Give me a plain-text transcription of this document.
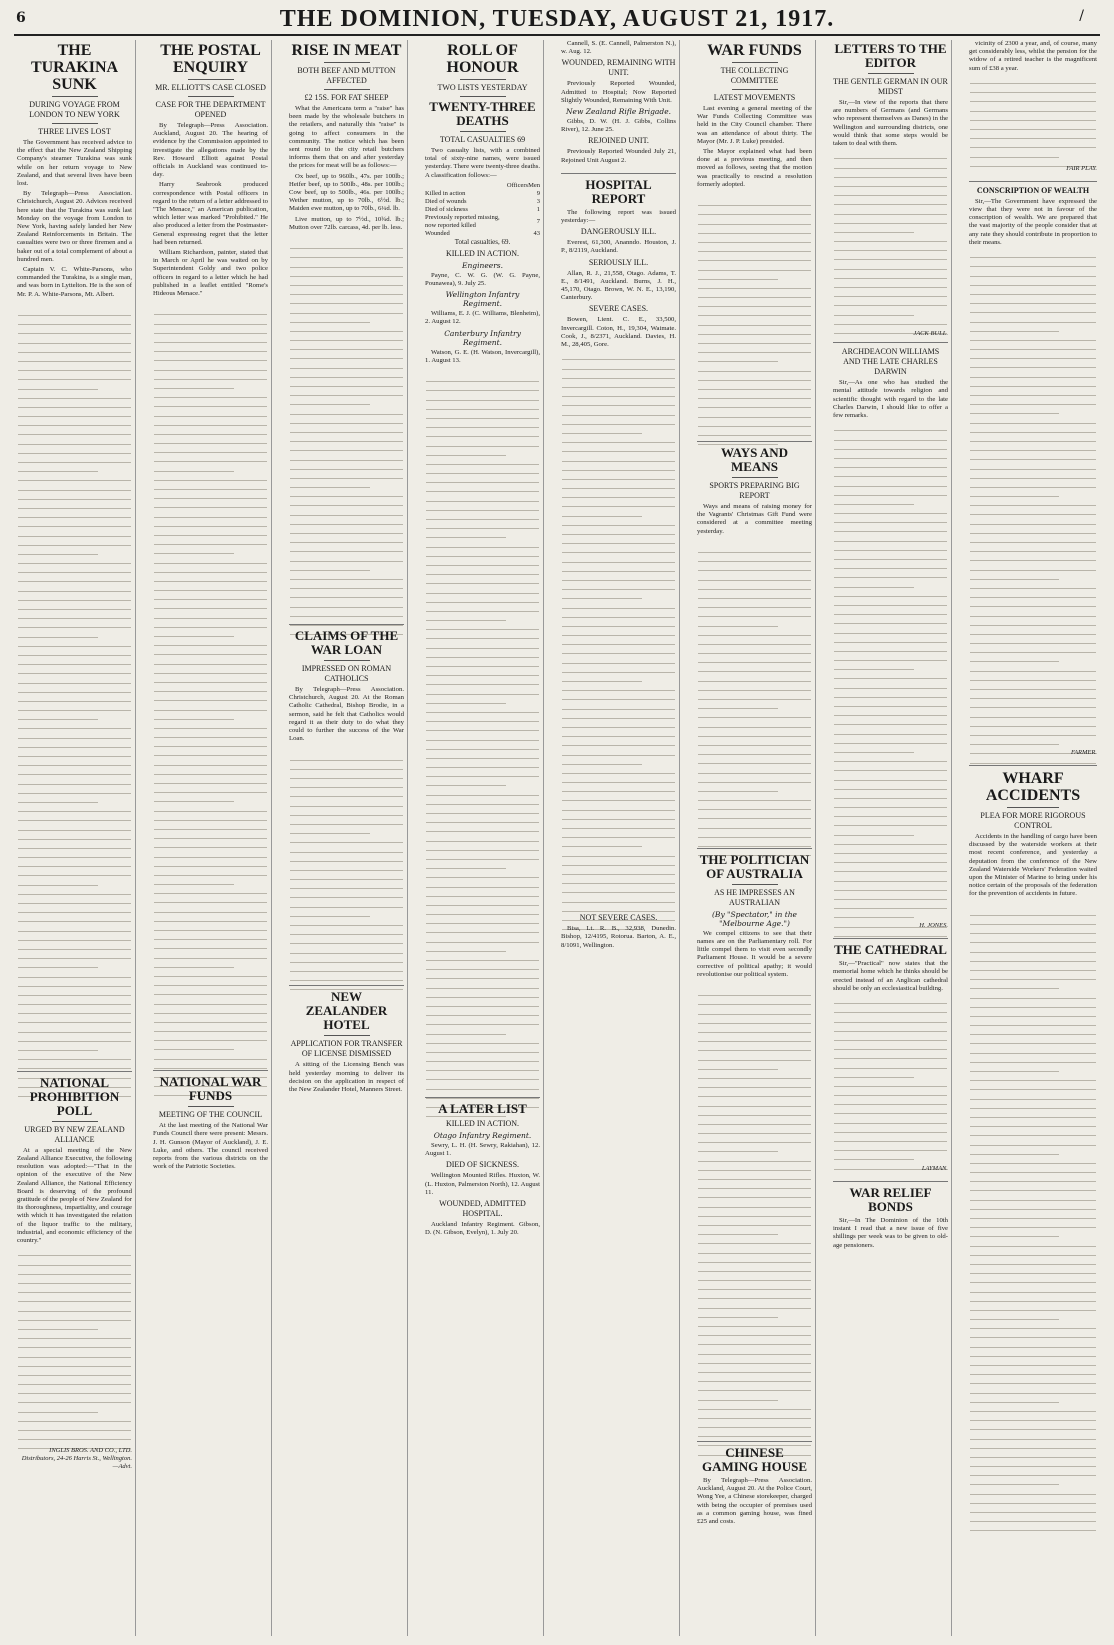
6	THE DOMINION, TUESDAY, AUGUST 21, 1917.	/
THE TURAKINA SUNK
DURING VOYAGE FROM LONDON TO NEW YORK
THREE LIVES LOST

The Government has received advice to the effect that the New Zealand Shipping Company's steamer Turakina was sunk while on her return voyage to New Zealand, and that several lives have been lost.

By Telegraph—Press Association. Christchurch, August 20. Advices received here state that the Turakina was sunk last Monday on the voyage from London to New York, having safely landed her New Zealand Reinforcements in Britain. The casualties were two or three firemen and a baker out of a total complement of about a hundred men.

Captain V. C. White-Parsons, who commanded the Turakina, is a single man, and was born in Lyttelton. He is the son of Mr. P. A. White-Parsons, Mt. Albert.

NATIONAL PROHIBITION POLL
URGED BY NEW ZEALAND ALLIANCE

At a special meeting of the New Zealand Alliance Executive, the following resolution was adopted:—"That in the opinion of the executive of the New Zealand Alliance, the National Efficiency Board is deserving of the profound gratitude of the people of New Zealand for its thoroughness, impartiality, and courage with which it has investigated the relation of the liquor traffic to the military, industrial, and economic efficiency of the country."

INGLIS BROS. AND CO., LTD. Distributors, 24-26 Harris St., Wellington.—Advt.
THE POSTAL ENQUIRY
MR. ELLIOTT'S CASE CLOSED
CASE FOR THE DEPARTMENT OPENED

By Telegraph—Press Association. Auckland, August 20. The hearing of evidence by the Commission appointed to investigate the allegations made by the Rev. Howard Elliott against Postal officials in Auckland was continued to-day.

Harry Seabrook produced correspondence with Postal officers in regard to the return of a letter addressed to "The Menace," an American publication, which letter was marked "Prohibited." He also produced a letter from the Postmaster-General expressing regret that the letter had been returned.

William Richardson, painter, stated that in March or April he was waited on by Superintendent Goldy and two police officers in regard to a letter which he had published in a leaflet entitled "Rome's Hideous Menace."

NATIONAL WAR FUNDS
MEETING OF THE COUNCIL

At the last meeting of the National War Funds Council there were present: Messrs. J. H. Gunson (Mayor of Auckland), J. E. Luke, and others. The council received reports from the various districts on the work of the Patriotic Societies.

RISE IN MEAT
BOTH BEEF AND MUTTON AFFECTED
£2 15S. FOR FAT SHEEP

What the Americans term a "raise" has been made by the wholesale butchers in the retailers, and naturally this "raise" is going to affect consumers in the community. The notice which has been sent round to the city retail butchers informs them that on and after yesterday the prices for meat will be as follows:—

Ox beef, up to 960lb., 47s. per 100lb.; Heifer beef, up to 500lb., 48s. per 100lb.; Cow beef, up to 500lb., 46s. per 100lb.; Wether mutton, up to 70lb., 6½d. lb.; Maiden ewe mutton, up to 70lb., 6¼d. lb.

Live mutton, up to 7½d., 10¾d. lb.; Mutton over 72lb. carcass, 4d. per lb. less.

CLAIMS OF THE WAR LOAN
IMPRESSED ON ROMAN CATHOLICS

By Telegraph—Press Association. Christchurch, August 20. At the Roman Catholic Cathedral, Bishop Brodie, in a sermon, said he felt that Catholics would regard it as their duty to do what they could to further the success of the War Loan.

NEW ZEALANDER HOTEL
APPLICATION FOR TRANSFER OF LICENSE DISMISSED

A sitting of the Licensing Bench was held yesterday morning to deliver its decision on the application in respect of the New Zealander Hotel, Manners Street.

ROLL OF HONOUR
TWO LISTS YESTERDAY
TWENTY-THREE DEATHS
TOTAL CASUALTIES 69

Two casualty lists, with a combined total of sixty-nine names, were issued yesterday. There were twenty-three deaths. A classification follows:—

	Officers	Men
Killed in action		9
Died of wounds		3
Died of sickness		1
Previously reported missing, now reported killed		7
Wounded		43
Total casualties, 69.
KILLED IN ACTION.
Engineers.

Payne, C. W. G. (W. G. Payne, Pounawea), 9. July 25.

Wellington Infantry Regiment.

Williams, E. J. (C. Williams, Blenheim), 2. August 12.

Canterbury Infantry Regiment.

Watson, G. E. (H. Watson, Invercargill), 1. August 13.

A LATER LIST
KILLED IN ACTION.
Otago Infantry Regiment.

Sewry, L. H. (H. Sewry, Rakiahan), 12. August 1.

DIED OF SICKNESS.

Wellington Mounted Rifles. Huxton, W. (L. Huxton, Palmerston North), 12. August 11.

WOUNDED, ADMITTED HOSPITAL.

Auckland Infantry Regiment. Gibson, D. (N. Gibson, Evelyn), 1. July 20.

Cannell, S. (E. Cannell, Palmerston N.), w. Aug. 12.

WOUNDED, REMAINING WITH UNIT.

Previously Reported Wounded, Admitted to Hospital; Now Reported Slightly Wounded, Remaining With Unit.

New Zealand Rifle Brigade.

Gibbs, D. W. (H. J. Gibbs, Collins River), 12. June 25.

REJOINED UNIT.

Previously Reported Wounded July 21, Rejoined Unit August 2.

HOSPITAL REPORT

The following report was issued yesterday:—

DANGEROUSLY ILL.

Everest, 61,300, Ananndo. Houston, J. P., 8/2119, Auckland.

SERIOUSLY ILL.

Allan, R. J., 21,558, Otago. Adams, T. E., 8/1491, Auckland. Burns, J. H., 45,170, Otago. Brown, W. N. E., 13,190, Canterbury.

SEVERE CASES.

Bowen, Lient. C. E., 33,500, Invercargill. Coton, H., 19,304, Waimate. Cook, J., 8/2371, Auckland. Davies, H. M., 28,405, Gore.

NOT SEVERE CASES.

Bisa, Lt. R. B., 32,938, Dunedin. Bishop, 12/4195, Rotorua. Barton, A. E., 8/1091, Wellington.

WAR FUNDS
THE COLLECTING COMMITTEE
LATEST MOVEMENTS

Last evening a general meeting of the War Funds Collecting Committee was held in the City Council chamber. There was an attendance of about thirty. The Mayor (Mr. J. P. Luke) presided.

The Mayor explained what had been done at a previous meeting, and then moved as follows, seeing that the motion was practically to rescind a resolution formerly adopted.

WAYS AND MEANS
SPORTS PREPARING BIG REPORT

Ways and means of raising money for the Vagrants' Christmas Gift Fund were considered at a committee meeting yesterday.

THE POLITICIAN OF AUSTRALIA
AS HE IMPRESSES AN AUSTRALIAN
(By "Spectator," in the "Melbourne Age.")

We compel citizens to see that their names are on the Parliamentary roll. For little compel them to visit even secondly Parliament House. It would be a severe corrective of political apathy; it would revolutionise our political system.

CHINESE GAMING HOUSE

By Telegraph—Press Association. Auckland, August 20. At the Police Court, Wong Yee, a Chinese storekeeper, charged with being the occupier of premises used as a common gaming house, was fined £25 and costs.

LETTERS TO THE EDITOR
THE GENTLE GERMAN IN OUR MIDST

Sir,—In view of the reports that there are numbers of Germans (and Germans who represent themselves as Danes) in the Wellington and surrounding districts, one would think that some steps would be taken to deal with them.

JACK BULL.
ARCHDEACON WILLIAMS AND THE LATE CHARLES DARWIN

Sir,—As one who has studied the mental attitude towards religion and scientific thought with regard to the late Charles Darwin, I should like to offer a few remarks.

H. JONES.
THE CATHEDRAL

Sir,—"Practical" now states that the memorial home which he thinks should be erected instead of an Anglican cathedral should be only an ecclesiastical building.

LAYMAN.
WAR RELIEF BONDS

Sir,—In The Dominion of the 10th instant I read that a new issue of five shillings per week was to be given to old-age pensioners.

vicinity of 2300 a year, and, of course, many get considerably less, whilst the pension for the widow of a retired teacher is the magnificent sum of £38 a year.

FAIR PLAY.
CONSCRIPTION OF WEALTH

Sir,—The Government have expressed the view that they were not in favour of the conscription of wealth. We are prepared that the vast majority of the people consider that at any rate they should contribute in proportion to their means.

FARMER.
WHARF ACCIDENTS
PLEA FOR MORE RIGOROUS CONTROL

Accidents in the handling of cargo have been discussed by the waterside workers at their most recent conference, and yesterday a deputation from the conference of the New Zealand Waterside Workers' Federation waited upon the Minister of Marine to bring under his notice certain of the proposals of the federation for the prevention of accidents in future.
